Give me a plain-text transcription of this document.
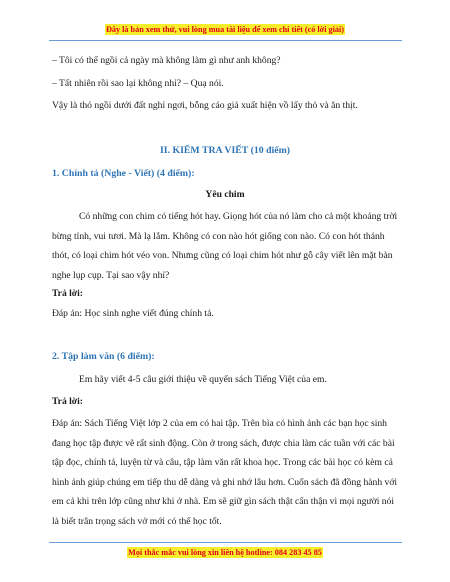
Đây là bản xem thử, vui lòng mua tài liệu để xem chi tiết (có lời giải)

– Tôi có thể ngồi cả ngày mà không làm gì như anh không?

– Tất nhiên rồi sao lại không nhỉ? – Quạ nói.

Vậy là thỏ ngồi dưới đất nghỉ ngơi, bỗng cáo giả xuất hiện vồ lấy thỏ và ăn thịt.

II. KIỂM TRA VIẾT (10 điểm)

1. Chính tả (Nghe - Viết) (4 điểm):

Yêu chim

Có những con chim có tiếng hót hay. Giọng hót của nó làm cho cả một khoảng trời bừng tỉnh, vui tươi. Mà lạ lắm. Không có con nào hót giống con nào. Có con hót thánh thót, có loại chim hót véo von. Nhưng cũng có loại chim hót như gỗ cây viết lên mặt bàn nghe lụp cụp. Tại sao vậy nhỉ?

Trả lời:

Đáp án: Học sinh nghe viết đúng chính tả.

2. Tập làm văn (6 điểm):

Em hãy viết 4-5 câu giới thiệu về quyển sách Tiếng Việt của em.

Trả lời:

Đáp án: Sách Tiếng Việt lớp 2 của em có hai tập. Trên bìa có hình ảnh các bạn học sinh đang học tập được vẽ rất sinh động. Còn ở trong sách, được chia làm các tuần với các bài tập đọc, chính tả, luyện từ và câu, tập làm văn rất khoa học. Trong các bài học có kèm cả hình ảnh giúp chúng em tiếp thu dễ dàng và ghi nhớ lâu hơn. Cuốn sách đã đồng hành với em cả khi trên lớp cũng như khi ở nhà. Em sẽ giữ gìn sách thật cẩn thận vì mọi người nói là biết trân trọng sách vở mới có thể học tốt.

Mọi thắc mắc vui lòng xin liên hệ hotline: 084 283 45 85
